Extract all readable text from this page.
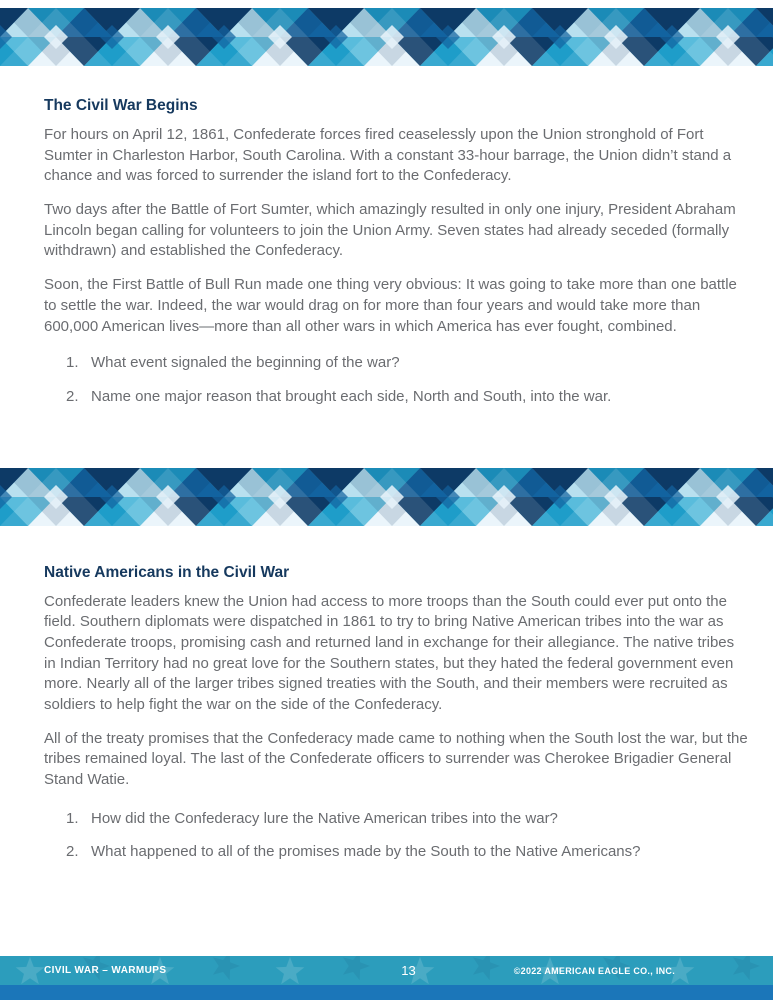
The Civil War Begins

For hours on April 12, 1861, Confederate forces fired ceaselessly upon the Union stronghold of Fort Sumter in Charleston Harbor, South Carolina. With a constant 33-hour barrage, the Union didn’t stand a chance and was forced to surrender the island fort to the Confederacy.

Two days after the Battle of Fort Sumter, which amazingly resulted in only one injury, President Abraham Lincoln began calling for volunteers to join the Union Army. Seven states had already seceded (formally withdrawn) and established the Confederacy.

Soon, the First Battle of Bull Run made one thing very obvious: It was going to take more than one battle to settle the war. Indeed, the war would drag on for more than four years and would take more than 600,000 American lives—more than all other wars in which America has ever fought, combined.

1. What event signaled the beginning of the war?
2. Name one major reason that brought each side, North and South, into the war.
Native Americans in the Civil War

Confederate leaders knew the Union had access to more troops than the South could ever put onto the field. Southern diplomats were dispatched in 1861 to try to bring Native American tribes into the war as Confederate troops, promising cash and returned land in exchange for their allegiance. The native tribes in Indian Territory had no great love for the Southern states, but they hated the federal government even more. Nearly all of the larger tribes signed treaties with the South, and their members were recruited as soldiers to help fight the war on the side of the Confederacy.

All of the treaty promises that the Confederacy made came to nothing when the South lost the war, but the tribes remained loyal. The last of the Confederate officers to surrender was Cherokee Brigadier General Stand Watie.

1. How did the Confederacy lure the Native American tribes into the war?
2. What happened to all of the promises made by the South to the Native Americans?
CIVIL WAR – WARMUPS	13	©2022 AMERICAN EAGLE CO., INC.
